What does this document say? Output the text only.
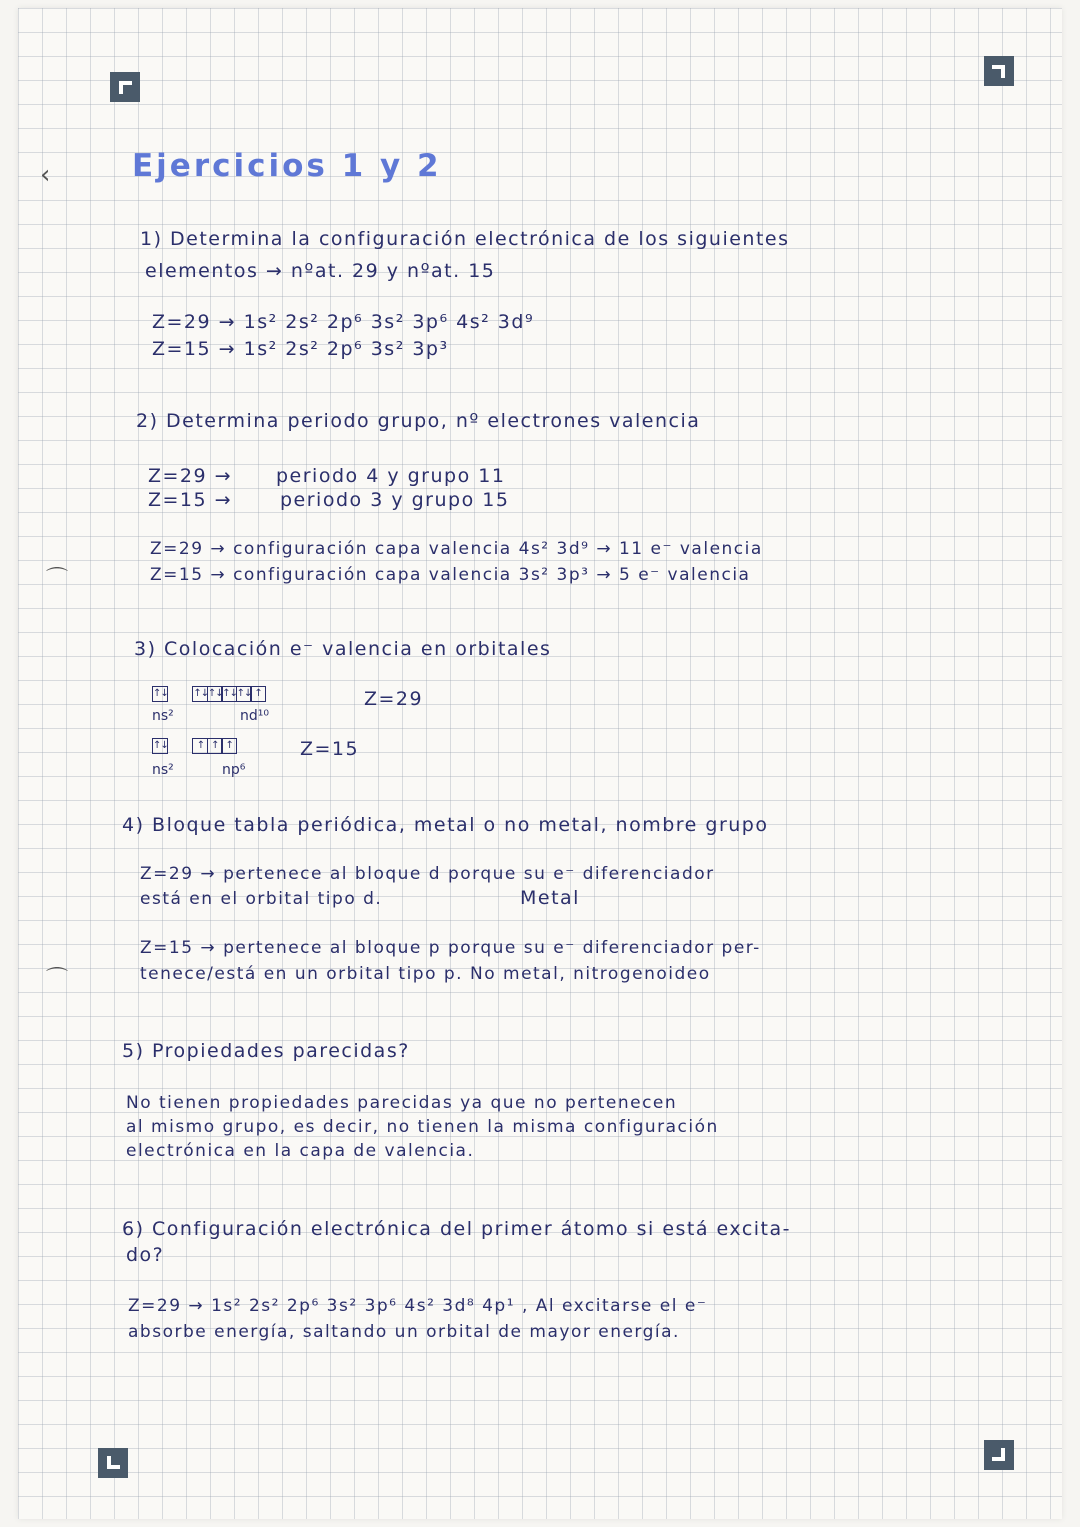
‹
⌒
⌒
Ejercicios 1 y 2
1) Determina la configuración electrónica de los siguientes
elementos → nºat. 29 y nºat. 15
Z=29 → 1s² 2s² 2p⁶ 3s² 3p⁶ 4s² 3d⁹
Z=15 → 1s² 2s² 2p⁶ 3s² 3p³
2) Determina periodo grupo, nº electrones valencia
Z=29 → periodo 4 y grupo 11
Z=15 →	periodo 3 y grupo 15
Z=29 → configuración capa valencia 4s² 3d⁹ → 11 e⁻ valencia
Z=15 → configuración capa valencia 3s² 3p³ → 5 e⁻ valencia
3) Colocación e⁻ valencia en orbitales
↑↓	↑↓ ↑↓ ↑↓ ↑↓ ↑
ns²	nd¹⁰
Z=29
↑↓	↑ ↑ ↑
ns²	np⁶
Z=15
4) Bloque tabla periódica, metal o no metal, nombre grupo
Z=29 → pertenece al bloque d porque su e⁻ diferenciador
está en el orbital tipo d.	Metal
Z=15 → pertenece al bloque p porque su e⁻ diferenciador per-
tenece/está en un orbital tipo p. No metal, nitrogenoideo
5) Propiedades parecidas?
No tienen propiedades parecidas ya que no pertenecen
al mismo grupo, es decir, no tienen la misma configuración
electrónica en la capa de valencia.
6) Configuración electrónica del primer átomo si está excita-
do?
Z=29 → 1s² 2s² 2p⁶ 3s² 3p⁶ 4s² 3d⁸ 4p¹ , Al excitarse el e⁻
absorbe energía, saltando un orbital de mayor energía.
